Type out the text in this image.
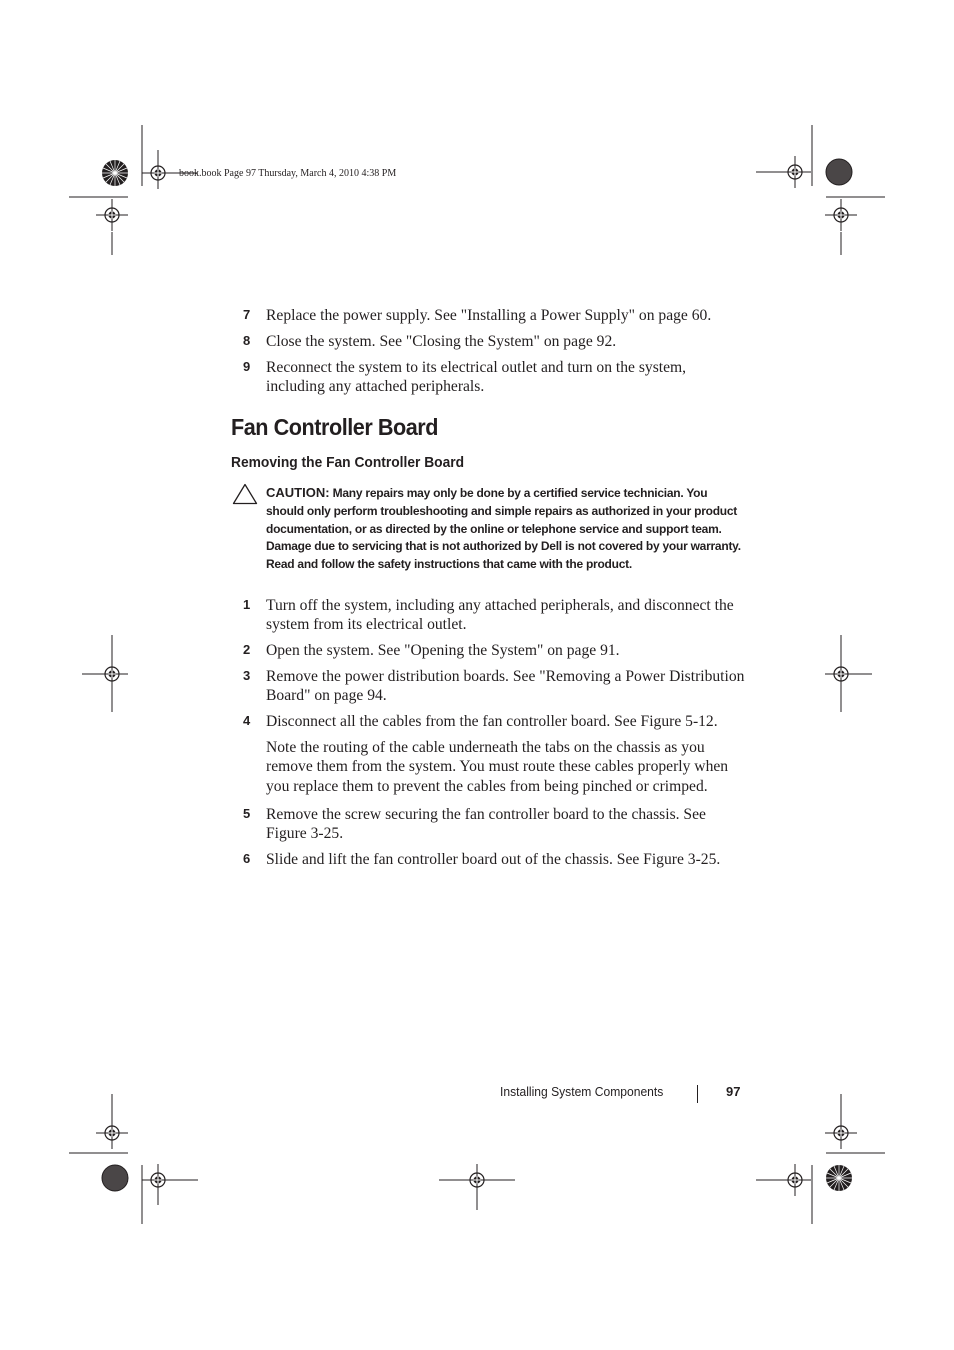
book.book Page 97 Thursday, March 4, 2010 4:38 PM
7 Replace the power supply. See "Installing a Power Supply" on page 60.
8 Close the system. See "Closing the System" on page 92.
9 Reconnect the system to its electrical outlet and turn on the system, including any attached peripherals.
Fan Controller Board
Removing the Fan Controller Board
CAUTION: Many repairs may only be done by a certified service technician. You should only perform troubleshooting and simple repairs as authorized in your product documentation, or as directed by the online or telephone service and support team. Damage due to servicing that is not authorized by Dell is not covered by your warranty. Read and follow the safety instructions that came with the product.
1 Turn off the system, including any attached peripherals, and disconnect the system from its electrical outlet.
2 Open the system. See "Opening the System" on page 91.
3 Remove the power distribution boards. See "Removing a Power Distribution Board" on page 94.
4 Disconnect all the cables from the fan controller board. See Figure 5-12.
Note the routing of the cable underneath the tabs on the chassis as you remove them from the system. You must route these cables properly when you replace them to prevent the cables from being pinched or crimped.
5 Remove the screw securing the fan controller board to the chassis. See Figure 3-25.
6 Slide and lift the fan controller board out of the chassis. See Figure 3-25.
Installing System Components	97
